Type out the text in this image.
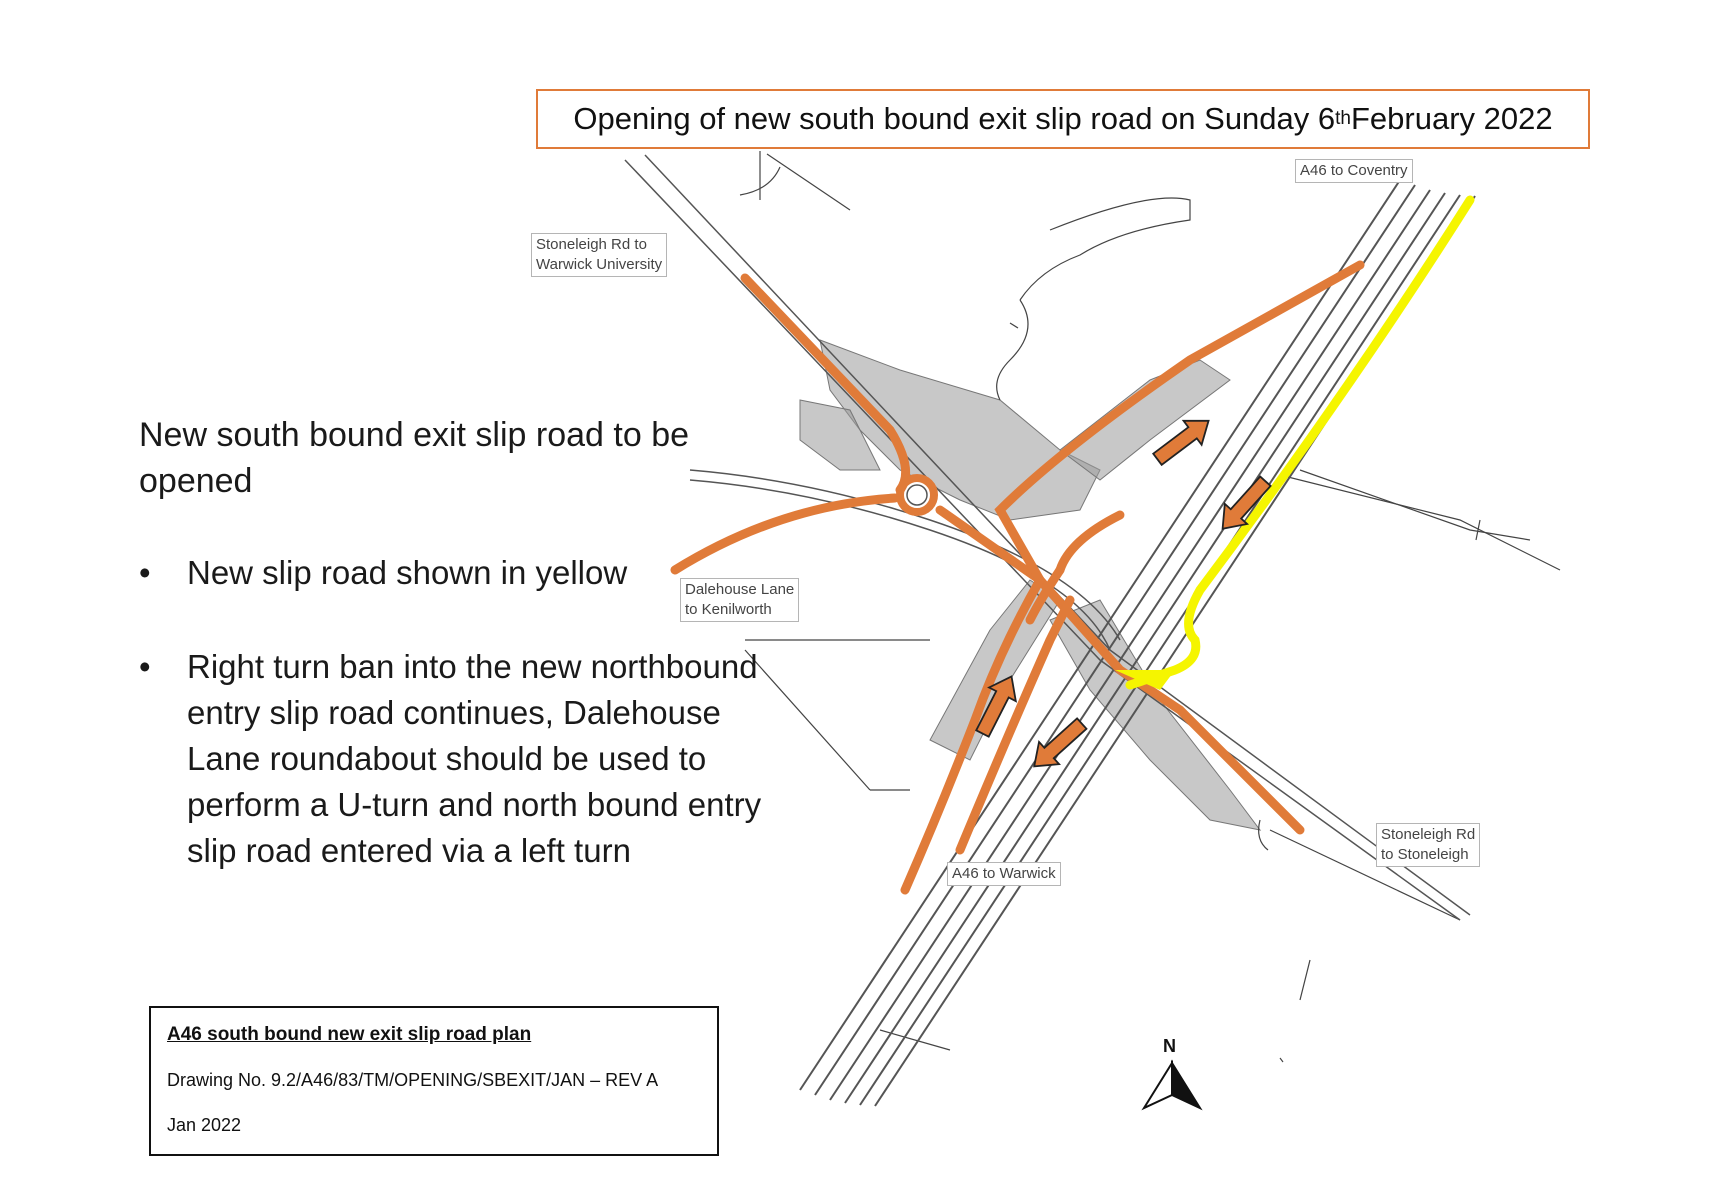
Opening of new south bound exit slip road on Sunday 6 th February 2022
A46 to Coventry
Stoneleigh Rd to
Warwick University
Dalehouse Lane
to Kenilworth
A46 to Warwick
Stoneleigh Rd
to Stoneleigh
New south bound exit slip road to be opened
• New slip road shown in yellow
• Right turn ban into the new northbound entry slip road continues, Dalehouse Lane roundabout should be used to perform a U-turn and north bound entry slip road entered via a left turn
A46 south bound new exit slip road plan
Drawing No. 9.2/A46/83/TM/OPENING/SBEXIT/JAN – REV A
Jan 2022
N
